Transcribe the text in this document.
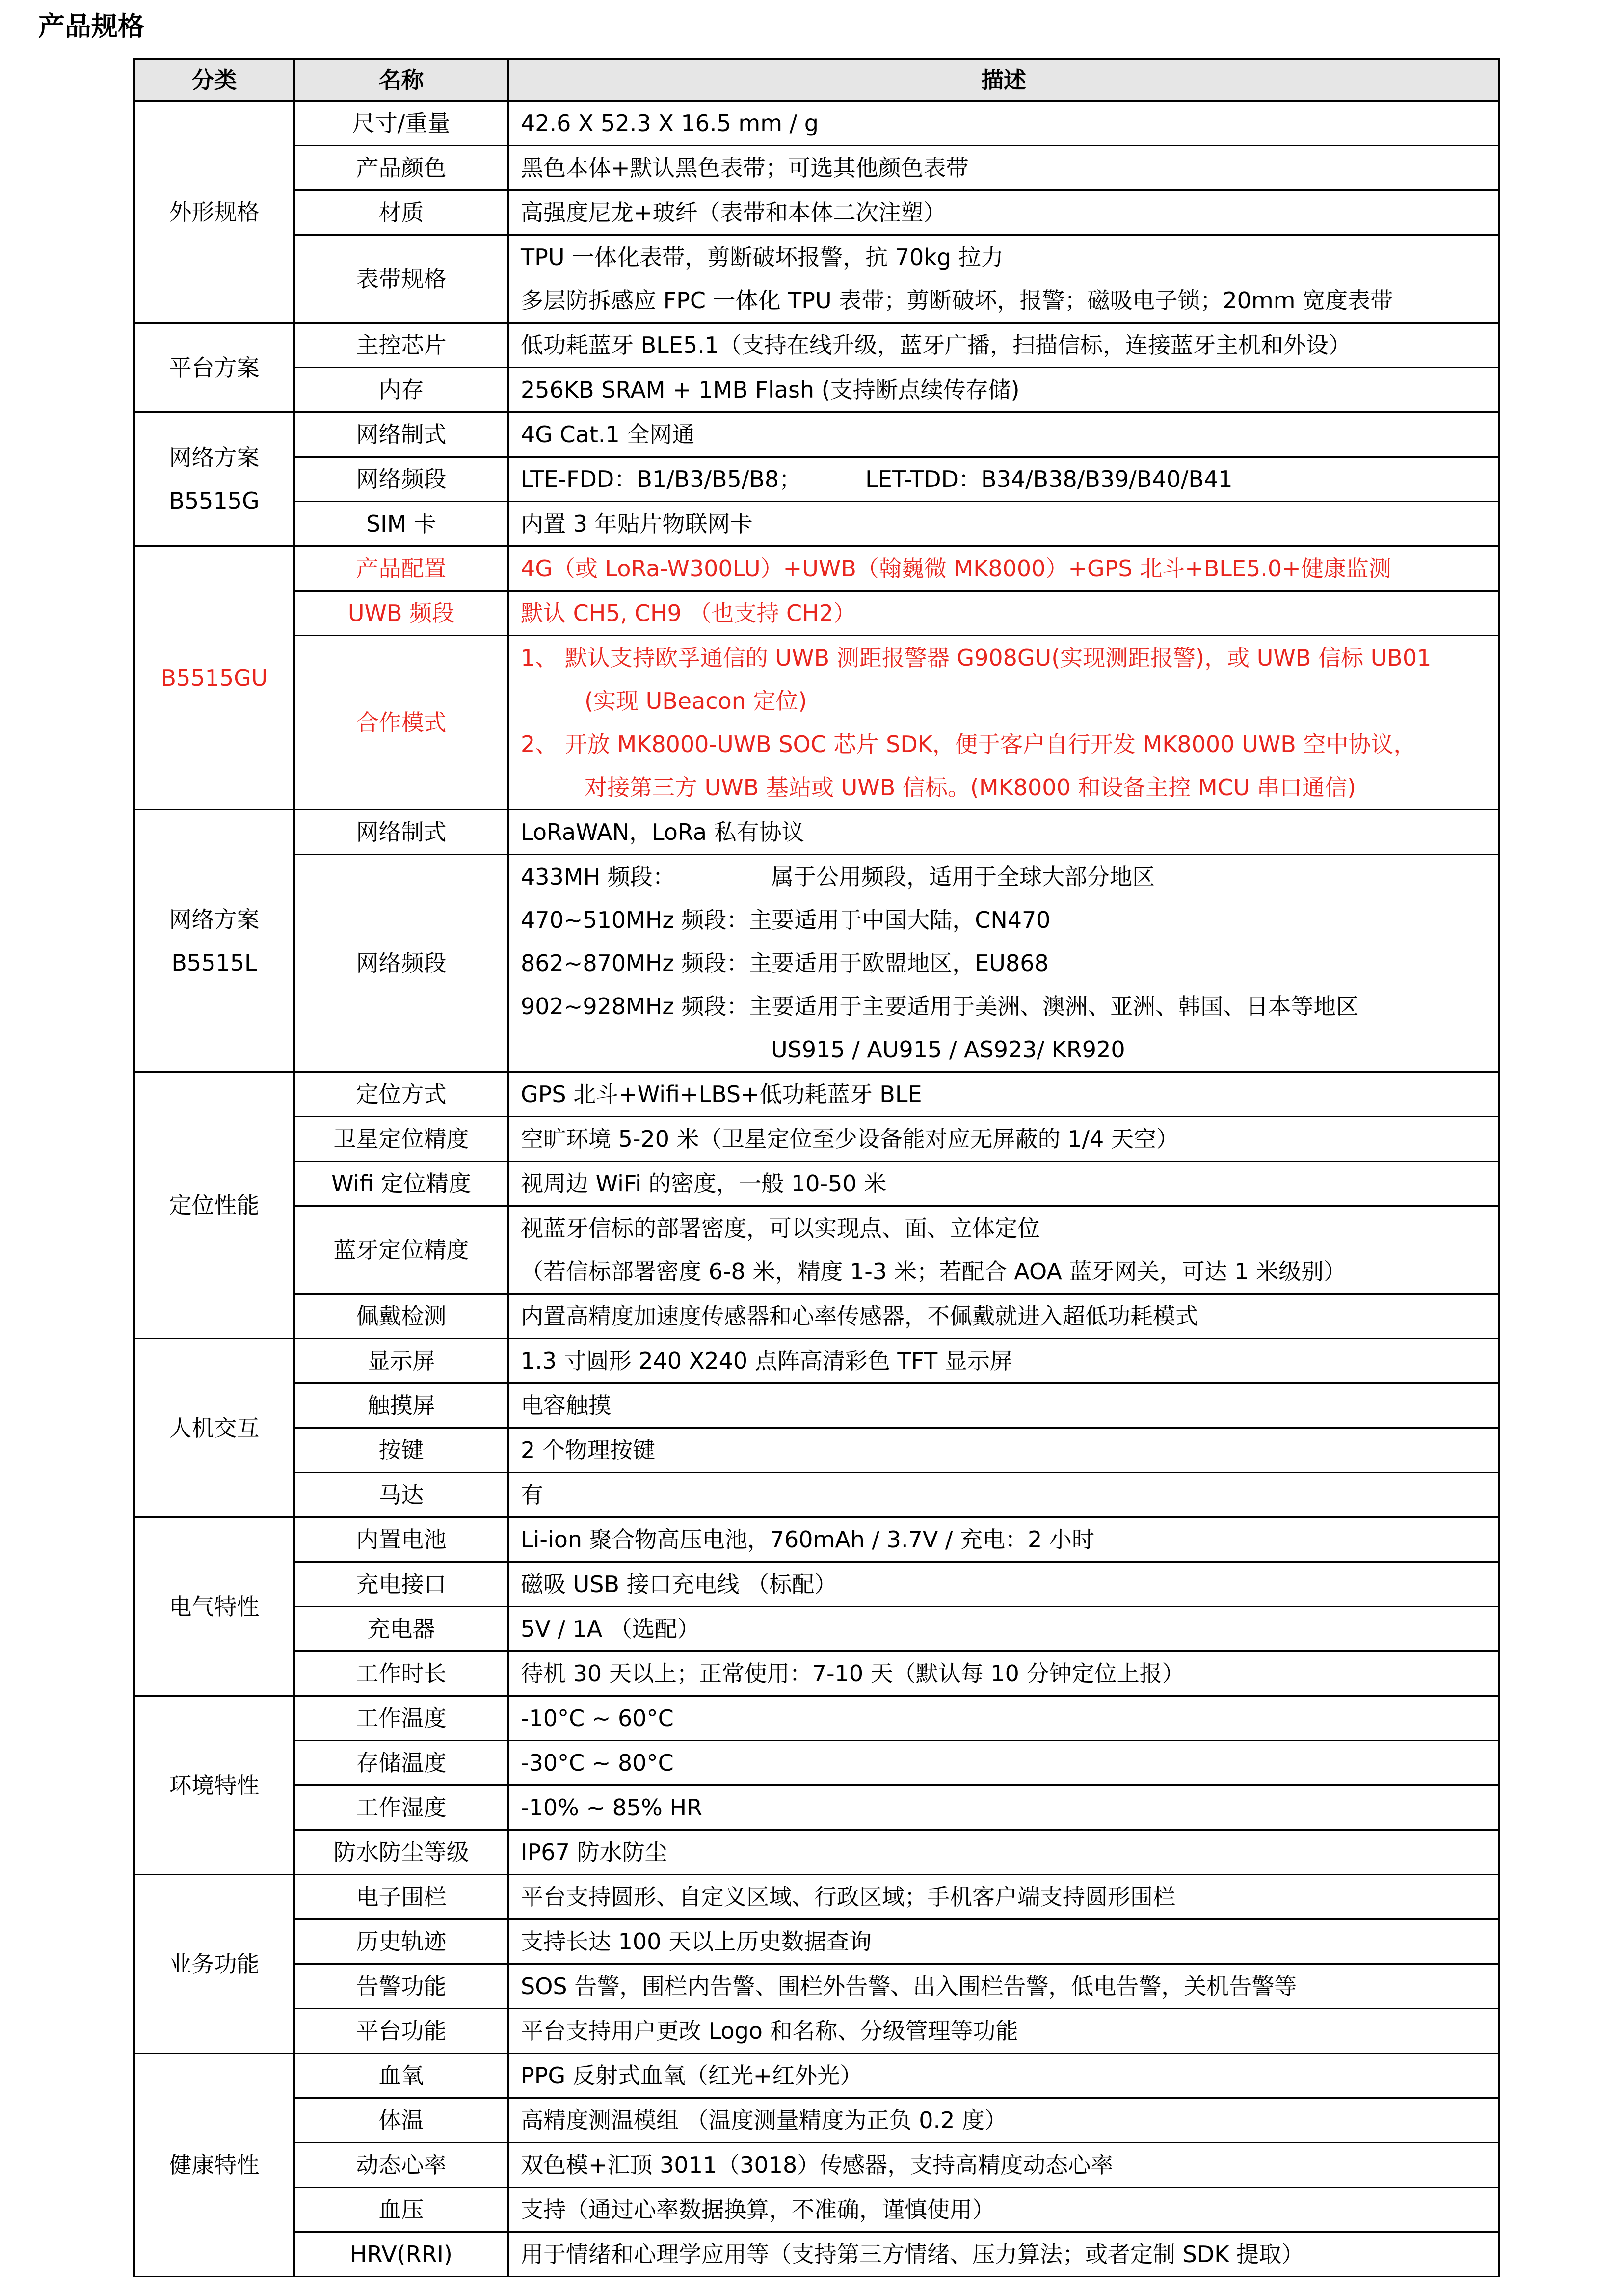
产品规格
分类	名称	描述
外形规格	尺寸/重量	42.6 X 52.3 X 16.5 mm / g
	产品颜色	黑色本体+默认黑色表带；可选其他颜色表带
	材质	高强度尼龙+玻纤（表带和本体二次注塑）
	表带规格	TPU 一体化表带，剪断破坏报警，抗 70kg 拉力
多层防拆感应 FPC 一体化 TPU 表带；剪断破坏，报警；磁吸电子锁；20mm 宽度表带

平台方案	主控芯片	低功耗蓝牙 BLE5.1（支持在线升级，蓝牙广播，扫描信标，连接蓝牙主机和外设）
	内存	256KB SRAM + 1MB Flash (支持断点续传存储)

网络方案
B5515G	网络制式	4G Cat.1 全网通
	网络频段	LTE-FDD：B1/B3/B5/B8； LET-TDD：B34/B38/B39/B40/B41
	SIM 卡	内置 3 年贴片物联网卡
B5515GU	产品配置	4G（或 LoRa-W300LU）+UWB（翰巍微 MK8000）+GPS 北斗+BLE5.0+健康监测
	UWB 频段	默认 CH5, CH9 （也支持 CH2）
	合作模式	1、 默认支持欧孚通信的 UWB 测距报警器 G908GU(实现测距报警)，或 UWB 信标 UB01
(实现 UBeacon 定位)
2、 开放 MK8000-UWB SOC 芯片 SDK，便于客户自行开发 MK8000 UWB 空中协议，
对接第三方 UWB 基站或 UWB 信标。(MK8000 和设备主控 MCU 串口通信)

网络方案
B5515L	网络制式	LoRaWAN，LoRa 私有协议
	网络频段	433MH 频段： 属于公用频段，适用于全球大部分地区
470~510MHz 频段：主要适用于中国大陆，CN470
862~870MHz 频段：主要适用于欧盟地区，EU868
902~928MHz 频段：主要适用于主要适用于美洲、澳洲、亚洲、韩国、日本等地区
US915 / AU915 / AS923/ KR920

定位性能	定位方式	GPS 北斗+Wifi+LBS+低功耗蓝牙 BLE
	卫星定位精度	空旷环境 5-20 米（卫星定位至少设备能对应无屏蔽的 1/4 天空）
	Wifi 定位精度	视周边 WiFi 的密度，一般 10-50 米
	蓝牙定位精度	视蓝牙信标的部署密度，可以实现点、面、立体定位
（若信标部署密度 6-8 米，精度 1-3 米；若配合 AOA 蓝牙网关，可达 1 米级别）

	佩戴检测	内置高精度加速度传感器和心率传感器，不佩戴就进入超低功耗模式
人机交互	显示屏	1.3 寸圆形 240 X240 点阵高清彩色 TFT 显示屏
	触摸屏	电容触摸
	按键	2 个物理按键
	马达	有
电气特性	内置电池	Li-ion 聚合物高压电池，760mAh / 3.7V / 充电：2 小时
	充电接口	磁吸 USB 接口充电线 （标配）
	充电器	5V / 1A （选配）
	工作时长	待机 30 天以上；正常使用：7-10 天（默认每 10 分钟定位上报）
环境特性	工作温度	-10°C ~ 60°C
	存储温度	-30°C ~ 80°C
	工作湿度	-10% ~ 85% HR
	防水防尘等级	IP67 防水防尘
业务功能	电子围栏	平台支持圆形、自定义区域、行政区域；手机客户端支持圆形围栏
	历史轨迹	支持长达 100 天以上历史数据查询
	告警功能	SOS 告警，围栏内告警、围栏外告警、出入围栏告警，低电告警，关机告警等
	平台功能	平台支持用户更改 Logo 和名称、分级管理等功能
健康特性	血氧	PPG 反射式血氧（红光+红外光）
	体温	高精度测温模组 （温度测量精度为正负 0.2 度）
	动态心率	双色模+汇顶 3011（3018）传感器，支持高精度动态心率
	血压	支持（通过心率数据换算，不准确，谨慎使用）
	HRV(RRI)	用于情绪和心理学应用等（支持第三方情绪、压力算法；或者定制 SDK 提取）
